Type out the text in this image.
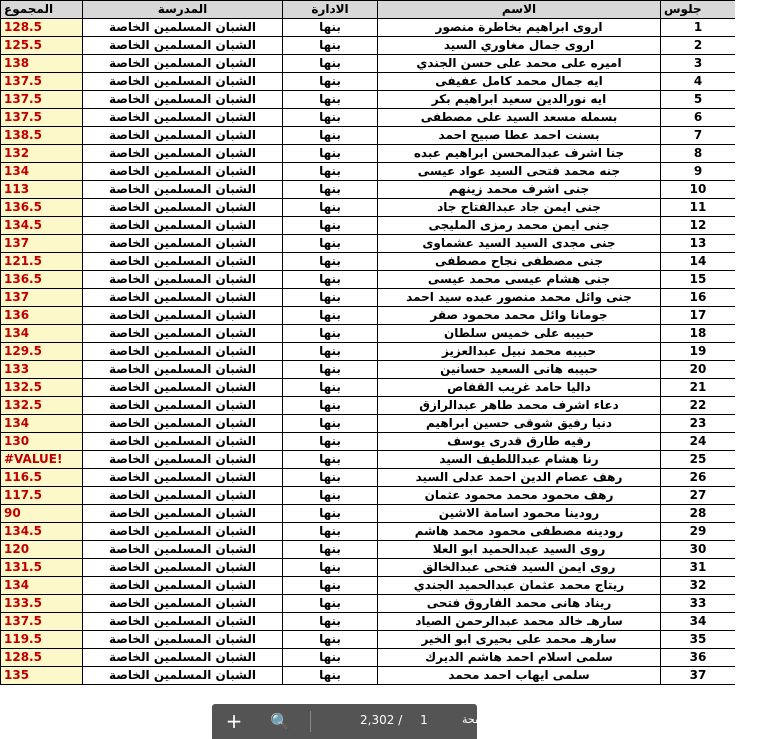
المجموع	المدرسة	الادارة	الاسم	جلوس
128.5	الشبان المسلمين الخاصة	بنها	اروى ابراهيم بخاطرة منصور	1
125.5	الشبان المسلمين الخاصة	بنها	اروى جمال مغاوري السيد	2
138	الشبان المسلمين الخاصة	بنها	اميره على محمد على حسن الجندي	3
137.5	الشبان المسلمين الخاصة	بنها	ايه جمال محمد كامل عفيفى	4
137.5	الشبان المسلمين الخاصة	بنها	ايه نورالدين سعيد ابراهيم بكر	5
137.5	الشبان المسلمين الخاصة	بنها	بسمله مسعد السيد على مصطفى	6
138.5	الشبان المسلمين الخاصة	بنها	بسنت احمد عطا صبيح احمد	7
132	الشبان المسلمين الخاصة	بنها	جنا اشرف عبدالمحسن ابراهيم عبده	8
134	الشبان المسلمين الخاصة	بنها	جنه محمد فتحى السيد عواد عيسى	9
113	الشبان المسلمين الخاصة	بنها	جنى اشرف محمد زينهم	10
136.5	الشبان المسلمين الخاصة	بنها	جنى ايمن جاد عبدالفتاح جاد	11
134.5	الشبان المسلمين الخاصة	بنها	جنى ايمن محمد رمزى المليجى	12
137	الشبان المسلمين الخاصة	بنها	جنى مجدى السيد السيد عشماوى	13
121.5	الشبان المسلمين الخاصة	بنها	جنى مصطفى نجاح مصطفى	14
136.5	الشبان المسلمين الخاصة	بنها	جنى هشام عيسى محمد عيسى	15
137	الشبان المسلمين الخاصة	بنها	جنى وائل محمد منصور عبده سيد احمد	16
136	الشبان المسلمين الخاصة	بنها	جومانا وائل محمد محمود صقر	17
134	الشبان المسلمين الخاصة	بنها	حبيبه على خميس سلطان	18
129.5	الشبان المسلمين الخاصة	بنها	حبيبه محمد نبيل عبدالعزيز	19
133	الشبان المسلمين الخاصة	بنها	حبيبه هانى السعيد حسانين	20
132.5	الشبان المسلمين الخاصة	بنها	داليا حامد غريب القفاص	21
132.5	الشبان المسلمين الخاصة	بنها	دعاء اشرف محمد طاهر عبدالرازق	22
134	الشبان المسلمين الخاصة	بنها	دنيا رفيق شوقى حسين ابراهيم	23
130	الشبان المسلمين الخاصة	بنها	رقيه طارق قدرى يوسف	24
#VALUE!	الشبان المسلمين الخاصة	بنها	رنا هشام عبداللطيف السيد	25
116.5	الشبان المسلمين الخاصة	بنها	رهف عصام الدين احمد عدلى السيد	26
117.5	الشبان المسلمين الخاصة	بنها	رهف محمود محمد محمود عثمان	27
90	الشبان المسلمين الخاصة	بنها	رودينا محمود اسامة الاشين	28
134.5	الشبان المسلمين الخاصة	بنها	رودينه مصطفى محمود محمد هاشم	29
120	الشبان المسلمين الخاصة	بنها	روى السيد عبدالحميد ابو العلا	30
131.5	الشبان المسلمين الخاصة	بنها	روى ايمن السيد فتحى عبدالخالق	31
134	الشبان المسلمين الخاصة	بنها	ريتاج محمد عثمان عبدالحميد الجندي	32
133.5	الشبان المسلمين الخاصة	بنها	ريناد هانى محمد الفاروق فتحى	33
137.5	الشبان المسلمين الخاصة	بنها	سارهـ خالد محمد عبدالرحمن الصياد	34
119.5	الشبان المسلمين الخاصة	بنها	سارهـ محمد على بحيرى ابو الخير	35
128.5	الشبان المسلمين الخاصة	بنها	سلمى اسلام احمد هاشم الديرك	36
135	الشبان المسلمين الخاصة	بنها	سلمى ايهاب احمد محمد	37
+	🔍	2,302 / 1	صفحة
